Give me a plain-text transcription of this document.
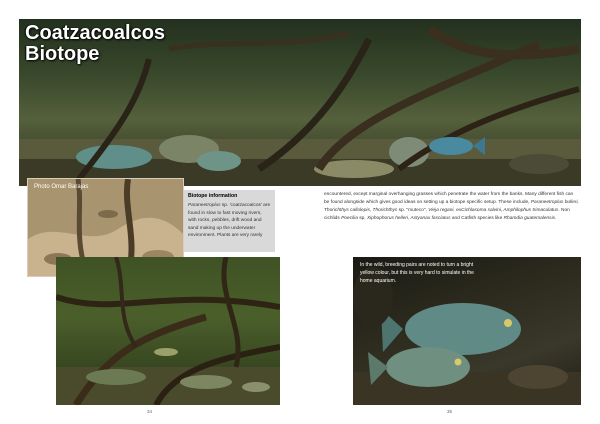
Coatzacoalcos
Biotope
Photo Omar Barajas
Biotope information
Paraneetroplus sp. 'coatzacoalcos' are found in slow to fast moving rivers, with rocks, pebbles, drift wood and sand making up the underwater environment. Plants are very rarely
encountered, except marginal overhanging grasses which penetrate the water from the banks. Many different fish can be found alongside which gives good ideas on setting up a biotope specific setup. These include, Paraneetroplus bulleri, Thorichthys callolepis, Thorichthys sp. "muteco", Vieja regani, exCichlasoma salvini, Amphilophus trimaculatus. Non cichlids Poecilia sp, Xiphophorus helleri, Astyanax fasciatus and Catfish species like Rhamdia guatemalensis.
In the wild, breeding pairs are noted to turn a bright yellow colour, but this is very hard to simulate in the home aquarium.
34	35
